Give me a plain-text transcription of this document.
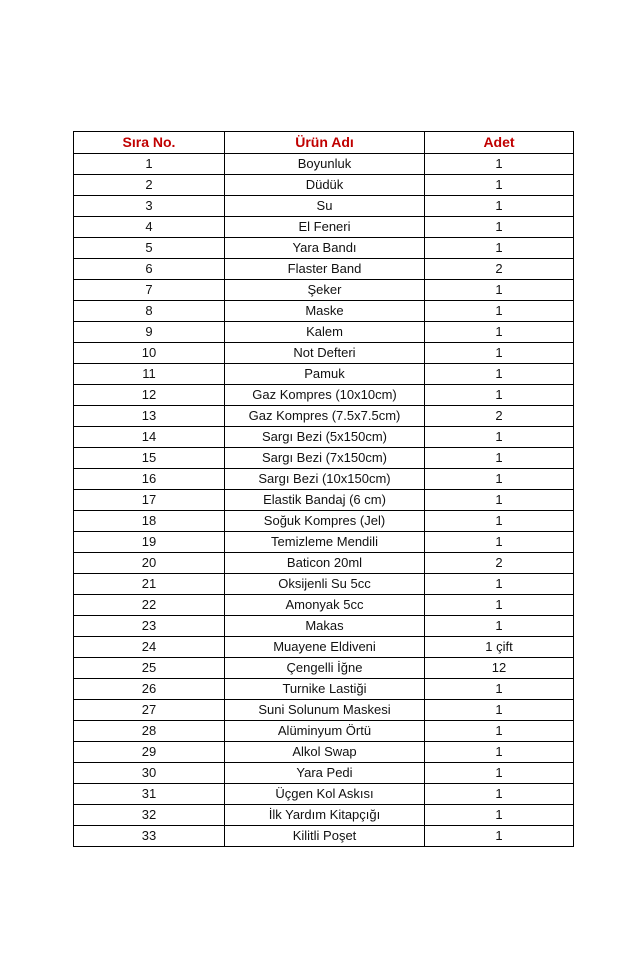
Sıra No.	Ürün Adı	Adet
1	Boyunluk	1
2	Düdük	1
3	Su	1
4	El Feneri	1
5	Yara Bandı	1
6	Flaster Band	2
7	Şeker	1
8	Maske	1
9	Kalem	1
10	Not Defteri	1
11	Pamuk	1
12	Gaz Kompres (10x10cm)	1
13	Gaz Kompres (7.5x7.5cm)	2
14	Sargı Bezi (5x150cm)	1
15	Sargı Bezi (7x150cm)	1
16	Sargı Bezi (10x150cm)	1
17	Elastik Bandaj (6 cm)	1
18	Soğuk Kompres (Jel)	1
19	Temizleme Mendili	1
20	Baticon 20ml	2
21	Oksijenli Su 5cc	1
22	Amonyak 5cc	1
23	Makas	1
24	Muayene Eldiveni	1 çift
25	Çengelli İğne	12
26	Turnike Lastiği	1
27	Suni Solunum Maskesi	1
28	Alüminyum Örtü	1
29	Alkol Swap	1
30	Yara Pedi	1
31	Üçgen Kol Askısı	1
32	İlk Yardım Kitapçığı	1
33	Kilitli Poşet	1
